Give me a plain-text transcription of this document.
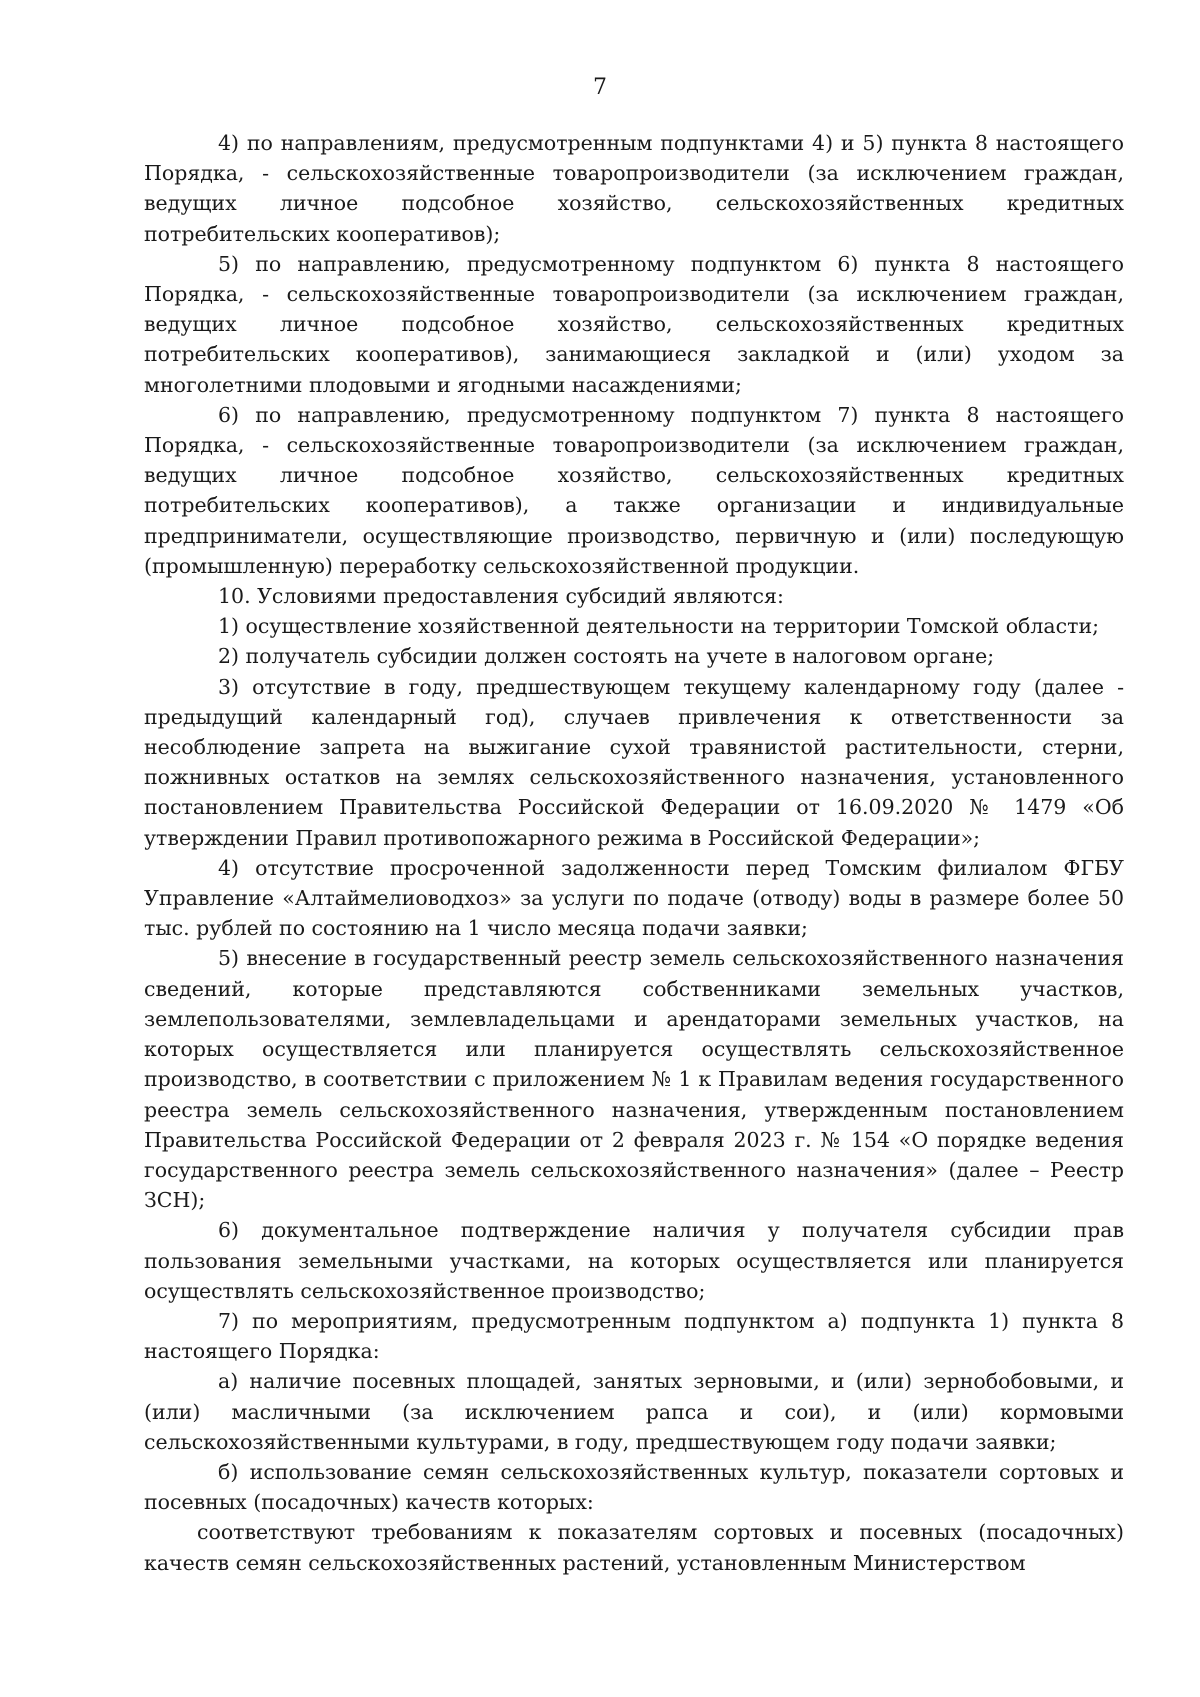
7

4) по направлениям, предусмотренным подпунктами 4) и 5) пункта 8 настоящего Порядка, - сельскохозяйственные товаропроизводители (за исключением граждан, ведущих личное подсобное хозяйство, сельскохозяйственных кредитных потребительских кооперативов);

5) по направлению, предусмотренному подпунктом 6) пункта 8 настоящего Порядка, - сельскохозяйственные товаропроизводители (за исключением граждан, ведущих личное подсобное хозяйство, сельскохозяйственных кредитных потребительских кооперативов), занимающиеся закладкой и (или) уходом за многолетними плодовыми и ягодными насаждениями;

6) по направлению, предусмотренному подпунктом 7) пункта 8 настоящего Порядка, - сельскохозяйственные товаропроизводители (за исключением граждан, ведущих личное подсобное хозяйство, сельскохозяйственных кредитных потребительских кооперативов), а также организации и индивидуальные предприниматели, осуществляющие производство, первичную и (или) последующую (промышленную) переработку сельскохозяйственной продукции.

10. Условиями предоставления субсидий являются:

1) осуществление хозяйственной деятельности на территории Томской области;

2) получатель субсидии должен состоять на учете в налоговом органе;

3) отсутствие в году, предшествующем текущему календарному году (далее - предыдущий календарный год), случаев привлечения к ответственности за несоблюдение запрета на выжигание сухой травянистой растительности, стерни, пожнивных остатков на землях сельскохозяйственного назначения, установленного постановлением Правительства Российской Федерации от 16.09.2020 № 1479 «Об утверждении Правил противопожарного режима в Российской Федерации»;

4) отсутствие просроченной задолженности перед Томским филиалом ФГБУ Управление «Алтаймелиоводхоз» за услуги по подаче (отводу) воды в размере более 50 тыс. рублей по состоянию на 1 число месяца подачи заявки;

5) внесение в государственный реестр земель сельскохозяйственного назначения сведений, которые представляются собственниками земельных участков, землепользователями, землевладельцами и арендаторами земельных участков, на которых осуществляется или планируется осуществлять сельскохозяйственное производство, в соответствии с приложением № 1 к Правилам ведения государственного реестра земель сельскохозяйственного назначения, утвержденным постановлением Правительства Российской Федерации от 2 февраля 2023 г. № 154 «О порядке ведения государственного реестра земель сельскохозяйственного назначения» (далее – Реестр ЗСН);

6) документальное подтверждение наличия у получателя субсидии прав пользования земельными участками, на которых осуществляется или планируется осуществлять сельскохозяйственное производство;

7) по мероприятиям, предусмотренным подпунктом а) подпункта 1) пункта 8 настоящего Порядка:

а) наличие посевных площадей, занятых зерновыми, и (или) зернобобовыми, и (или) масличными (за исключением рапса и сои), и (или) кормовыми сельскохозяйственными культурами, в году, предшествующем году подачи заявки;

б) использование семян сельскохозяйственных культур, показатели сортовых и посевных (посадочных) качеств которых:

соответствуют требованиям к показателям сортовых и посевных (посадочных) качеств семян сельскохозяйственных растений, установленным Министерством
